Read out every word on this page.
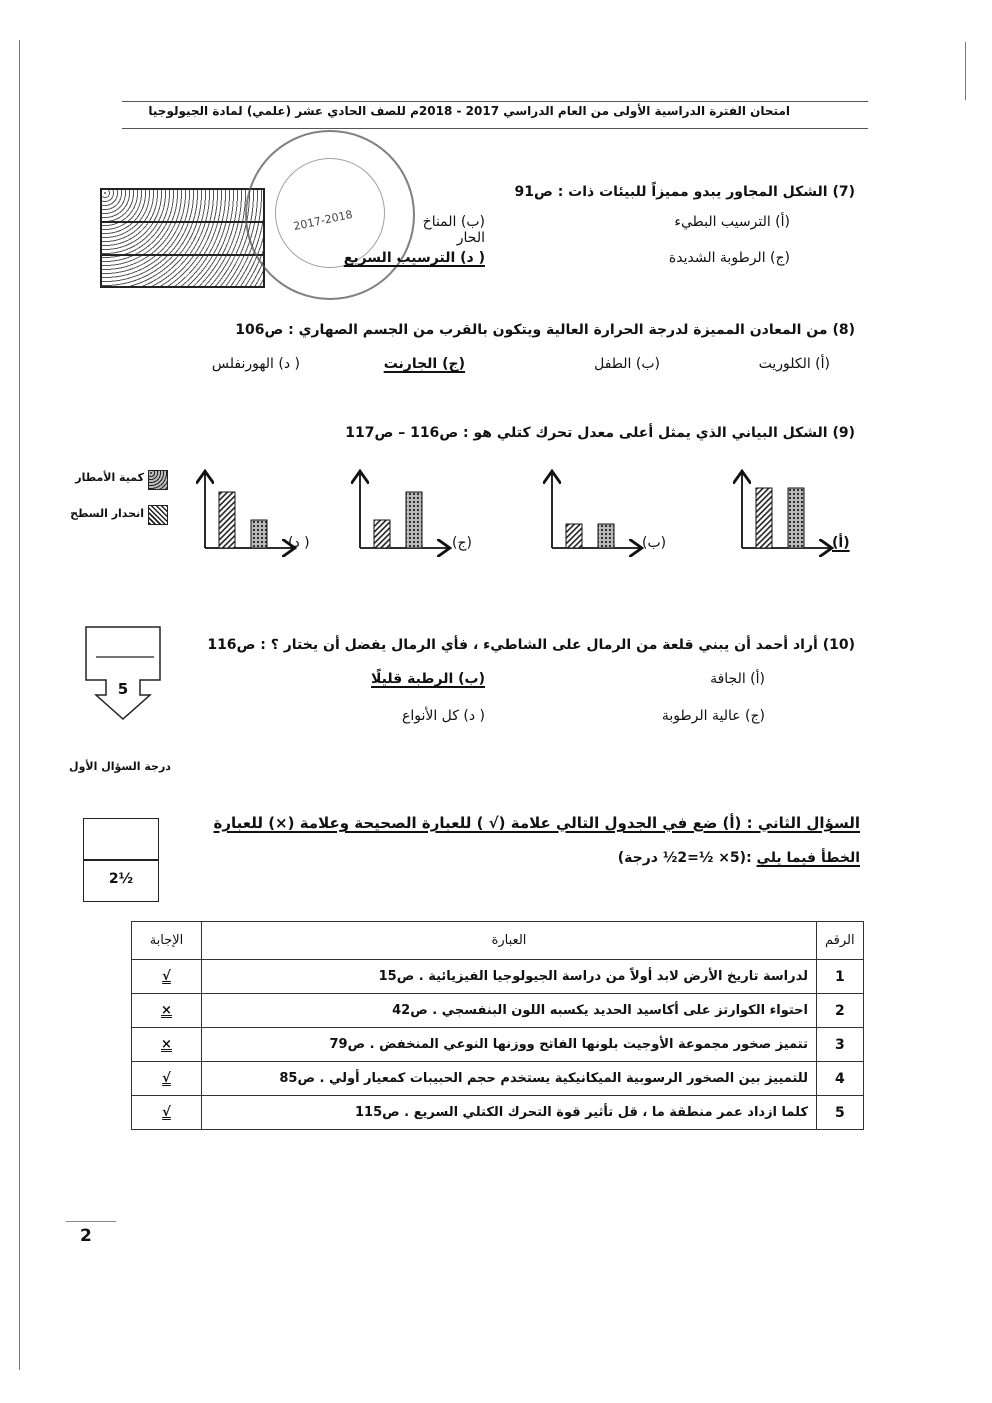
امتحان الفترة الدراسية الأولى من العام الدراسي 2017 - 2018م للصف الحادي عشر (علمي) لمادة الجيولوجيا
2017-2018
(7) الشكل المجاور يبدو مميزاً للبيئات ذات : ص91
(أ) الترسيب البطيء
(ب) المناخ الحار
(ج) الرطوبة الشديدة
( د) الترسيب السريع
(8) من المعادن المميزة لدرجة الحرارة العالية ويتكون بالقرب من الجسم الصهاري : ص106
(أ) الكلوريت
(ب) الطفل
(ج) الجارنت
( د) الهورنفلس
(9) الشكل البياني الذي يمثل أعلى معدل تحرك كتلي هو : ص116 – ص117
كمية الأمطار
انحدار السطح
(أ)
(ب)
(ج)
( د)
5
درجة السؤال الأول
(10) أراد أحمد أن يبني قلعة من الرمال على الشاطيء ، فأي الرمال يفضل أن يختار ؟ : ص116
(أ) الجافة
(ب) الرطبة قليلًا
(ج) عالية الرطوبة
( د) كل الأنواع
2½
السؤال الثاني : (أ) ضع في الجدول التالي علامة (√ ) للعبارة الصحيحة وعلامة (×) للعبارة
الخطأ فيما يلي :(5× ½=2½ درجة)
الرقم	العبارة	الإجابة
1	لدراسة تاريخ الأرض لابد أولاً من دراسة الجيولوجيا الفيزيائية . ص15	√
2	احتواء الكوارتز على أكاسيد الحديد يكسبه اللون البنفسجي . ص42	×
3	تتميز صخور مجموعة الأوجيت بلونها الفاتح ووزنها النوعي المنخفض . ص79	×
4	للتمييز بين الصخور الرسوبية الميكانيكية يستخدم حجم الحبيبات كمعيار أولي . ص85	√
5	كلما ازداد عمر منطقة ما ، قل تأثير قوة التحرك الكتلي السريع . ص115	√
2
